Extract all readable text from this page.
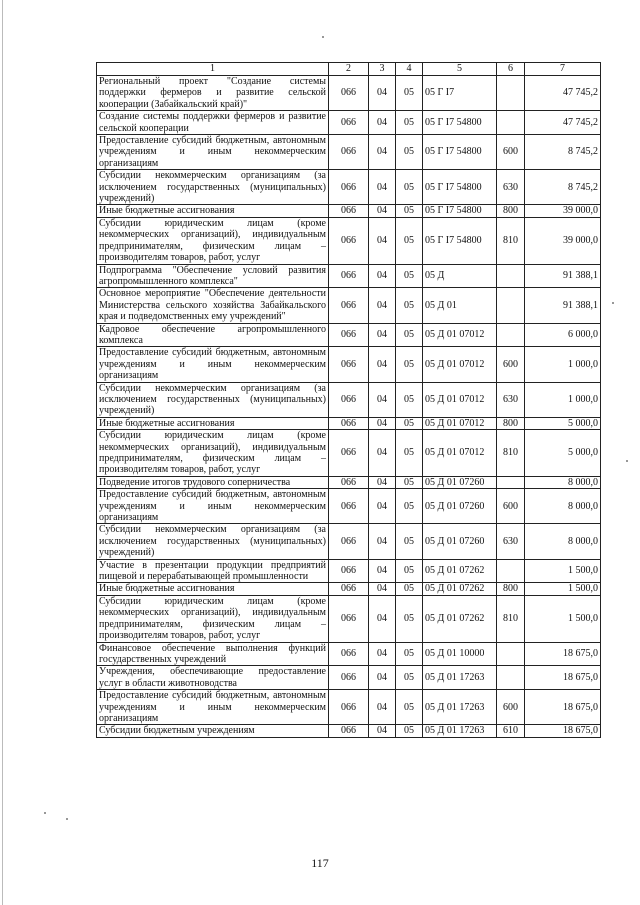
1	2	3	4	5	6	7
Региональный проект "Создание системы поддержки фермеров и развитие сельской кооперации (Забайкальский край)"	066	04	05	05 Г I7		47 745,2
Создание системы поддержки фермеров и развитие сельской кооперации	066	04	05	05 Г I7 54800		47 745,2
Предоставление субсидий бюджетным, автономным учреждениям и иным некоммерческим организациям	066	04	05	05 Г I7 54800	600	8 745,2
Субсидии некоммерческим организациям (за исключением государственных (муниципальных) учреждений)	066	04	05	05 Г I7 54800	630	8 745,2
Иные бюджетные ассигнования	066	04	05	05 Г I7 54800	800	39 000,0
Субсидии юридическим лицам (кроме некоммерческих организаций), индивидуальным предпринимателям, физическим лицам – производителям товаров, работ, услуг	066	04	05	05 Г I7 54800	810	39 000,0
Подпрограмма "Обеспечение условий развития агропромышленного комплекса"	066	04	05	05 Д		91 388,1
Основное мероприятие "Обеспечение деятельности Министерства сельского хозяйства Забайкальского края и подведомственных ему учреждений"	066	04	05	05 Д 01		91 388,1
Кадровое обеспечение агропромышленного комплекса	066	04	05	05 Д 01 07012		6 000,0
Предоставление субсидий бюджетным, автономным учреждениям и иным некоммерческим организациям	066	04	05	05 Д 01 07012	600	1 000,0
Субсидии некоммерческим организациям (за исключением государственных (муниципальных) учреждений)	066	04	05	05 Д 01 07012	630	1 000,0
Иные бюджетные ассигнования	066	04	05	05 Д 01 07012	800	5 000,0
Субсидии юридическим лицам (кроме некоммерческих организаций), индивидуальным предпринимателям, физическим лицам – производителям товаров, работ, услуг	066	04	05	05 Д 01 07012	810	5 000,0
Подведение итогов трудового соперничества	066	04	05	05 Д 01 07260		8 000,0
Предоставление субсидий бюджетным, автономным учреждениям и иным некоммерческим организациям	066	04	05	05 Д 01 07260	600	8 000,0
Субсидии некоммерческим организациям (за исключением государственных (муниципальных) учреждений)	066	04	05	05 Д 01 07260	630	8 000,0
Участие в презентации продукции предприятий пищевой и перерабатывающей промышленности	066	04	05	05 Д 01 07262		1 500,0
Иные бюджетные ассигнования	066	04	05	05 Д 01 07262	800	1 500,0
Субсидии юридическим лицам (кроме некоммерческих организаций), индивидуальным предпринимателям, физическим лицам – производителям товаров, работ, услуг	066	04	05	05 Д 01 07262	810	1 500,0
Финансовое обеспечение выполнения функций государственных учреждений	066	04	05	05 Д 01 10000		18 675,0
Учреждения, обеспечивающие предоставление услуг в области животноводства	066	04	05	05 Д 01 17263		18 675,0
Предоставление субсидий бюджетным, автономным учреждениям и иным некоммерческим организациям	066	04	05	05 Д 01 17263	600	18 675,0
Субсидии бюджетным учреждениям	066	04	05	05 Д 01 17263	610	18 675,0
117
